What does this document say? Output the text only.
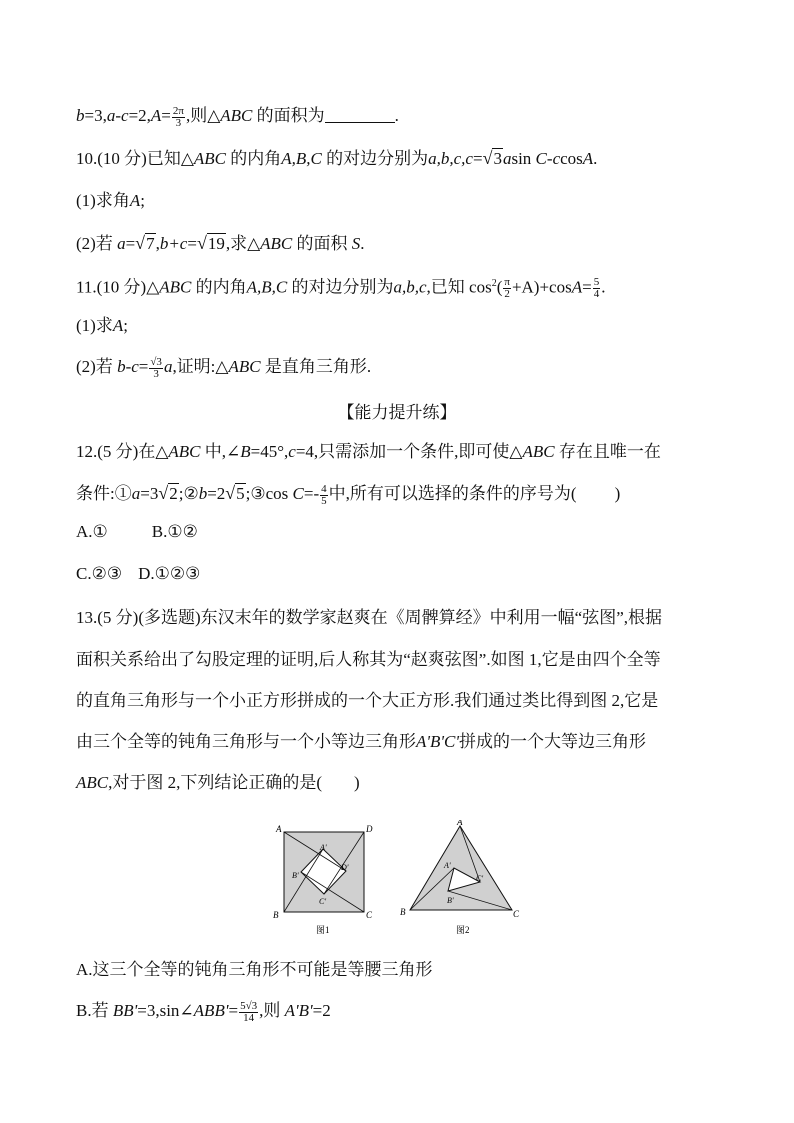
$b=3,a-c=2,A= \frac{2\pi}{3}$ ,则△ABC 的面积为	.
10.(10 分)已知△ABC 的内角A,B,C 的对边分别为a,b,c,c=√3asin C-ccosA.
(1)求角A;
(2)若 a=√7,b+c=√19,求△ABC 的面积 S.
11.(10 分)△ABC 的内角A,B,C 的对边分别为a,b,c,已知 $\cos^2( \frac{\pi}{2} +A)+\cos A= \frac{5}{4}$ .
(1)求A;
(2)若 $b-c= \frac{√3}{3} a$,证明:△ABC 是直角三角形.
【能力提升练】
12.(5 分)在△ABC 中,∠B=45°,c=4,只需添加一个条件,即可使△ABC 存在且唯一在
条件:①a=3√2;②b=2√5;③cos $C=- \frac{4}{5}$ 中,所有可以选择的条件的序号为( )
A.①	B.①②
C.②③ D.①②③
13.(5 分)(多选题)东汉末年的数学家赵爽在《周髀算经》中利用一幅“弦图”,根据
面积关系给出了勾股定理的证明,后人称其为“赵爽弦图”.如图 1,它是由四个全等
的直角三角形与一个小正方形拼成的一个大正方形.我们通过类比得到图 2,它是
由三个全等的钝角三角形与一个小等边三角形A'B'C'拼成的一个大等边三角形
ABC,对于图 2,下列结论正确的是( )
A	D
B	C
A'
B'
C'
D'
图1
A
B	C
A'
B'
C'
图2
A.这三个全等的钝角三角形不可能是等腰三角形
B.若 BB'=3,sin∠ABB'= $\frac{5√3}{14}$ ,则 A'B'=2
